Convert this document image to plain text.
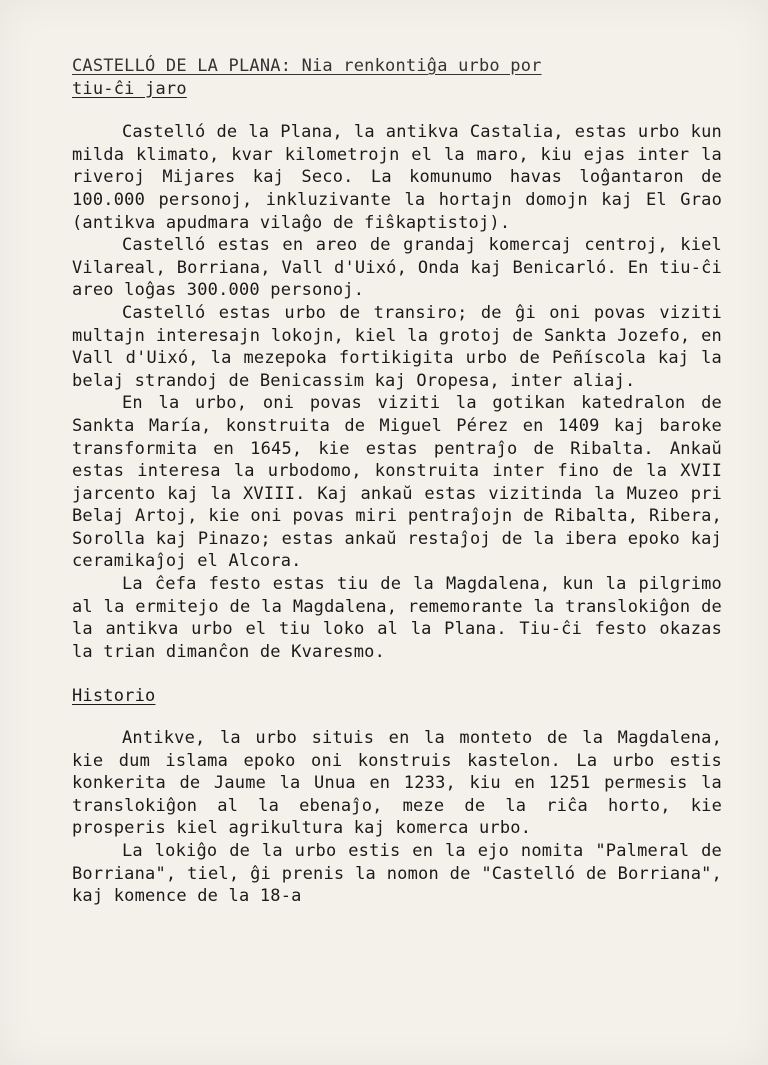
CASTELLÓ DE LA PLANA: Nia renkontiĝa urbo por
tiu-ĉi jaro

Castelló de la Plana, la antikva Castalia, estas urbo kun milda klimato, kvar kilometrojn el la maro, kiu ejas inter la riveroj Mijares kaj Seco. La komunumo havas loĝantaron de 100.000 personoj, inkluzivante la hortajn domojn kaj El Grao (antikva apudmara vilaĝo de fiŝkaptistoj).

Castelló estas en areo de grandaj komercaj centroj, kiel Vilareal, Borriana, Vall d'Uixó, Onda kaj Benicarló. En tiu-ĉi areo loĝas 300.000 personoj.

Castelló estas urbo de transiro; de ĝi oni povas viziti multajn interesajn lokojn, kiel la grotoj de Sankta Jozefo, en Vall d'Uixó, la mezepoka fortikigita urbo de Peñíscola kaj la belaj strandoj de Benicassim kaj Oropesa, inter aliaj.

En la urbo, oni povas viziti la gotikan katedralon de Sankta María, konstruita de Miguel Pérez en 1409 kaj baroke transformita en 1645, kie estas pentraĵo de Ribalta. Ankaŭ estas interesa la urbodomo, konstruita inter fino de la XVII jarcento kaj la XVIII. Kaj ankaŭ estas vizitinda la Muzeo pri Belaj Artoj, kie oni povas miri pentraĵojn de Ribalta, Ribera, Sorolla kaj Pinazo; estas ankaŭ restaĵoj de la ibera epoko kaj ceramikaĵoj el Alcora.

La ĉefa festo estas tiu de la Magdalena, kun la pilgrimo al la ermitejo de la Magdalena, rememorante la translokiĝon de la antikva urbo el tiu loko al la Plana. Tiu-ĉi festo okazas la trian dimanĉon de Kvaresmo.

Historio

Antikve, la urbo situis en la monteto de la Magdalena, kie dum islama epoko oni konstruis kastelon. La urbo estis konkerita de Jaume la Unua en 1233, kiu en 1251 permesis la translokiĝon al la ebenaĵo, meze de la riĉa horto, kie prosperis kiel agrikultura kaj komerca urbo.

La lokiĝo de la urbo estis en la ejo nomita "Palmeral de Borriana", tiel, ĝi prenis la nomon de "Castelló de Borriana", kaj komence de la 18-a
